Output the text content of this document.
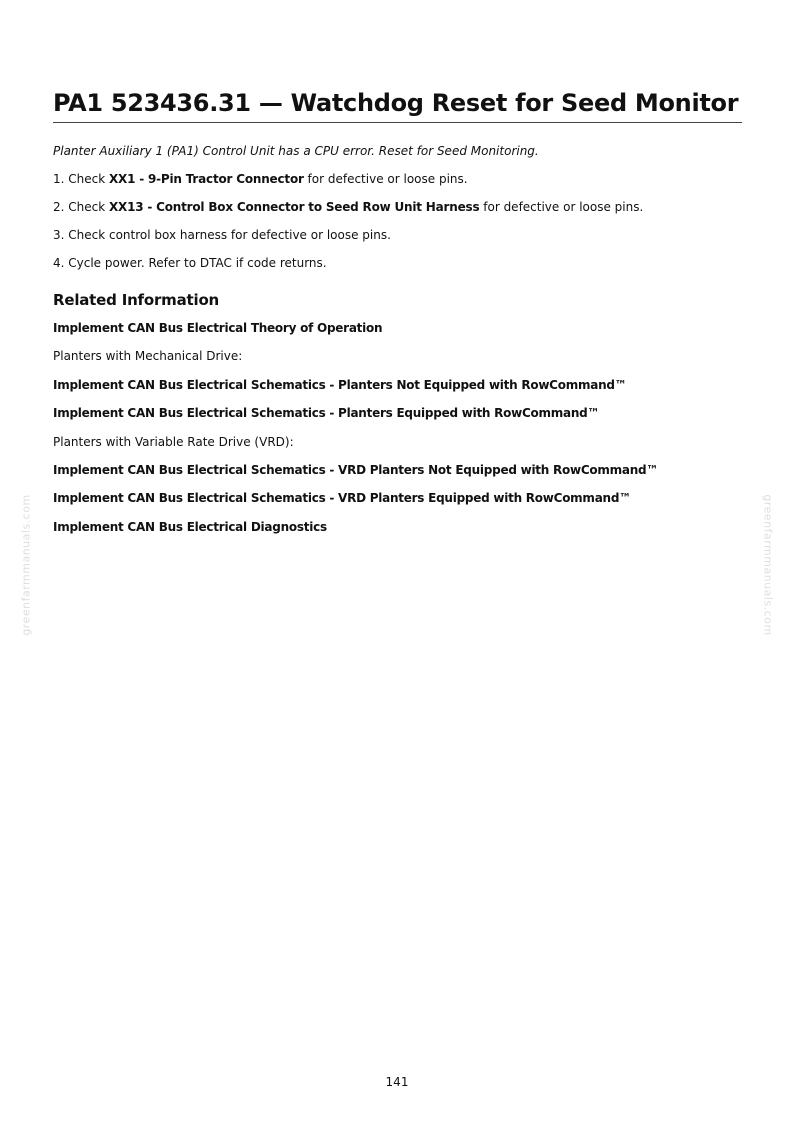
PA1 523436.31 — Watchdog Reset for Seed Monitor

Planter Auxiliary 1 (PA1) Control Unit has a CPU error. Reset for Seed Monitoring.

1. Check XX1 - 9-Pin Tractor Connector for defective or loose pins.
2. Check XX13 - Control Box Connector to Seed Row Unit Harness for defective or loose pins.
3. Check control box harness for defective or loose pins.
4. Cycle power. Refer to DTAC if code returns.
Related Information
Implement CAN Bus Electrical Theory of Operation
Planters with Mechanical Drive:
Implement CAN Bus Electrical Schematics - Planters Not Equipped with RowCommand™
Implement CAN Bus Electrical Schematics - Planters Equipped with RowCommand™
Planters with Variable Rate Drive (VRD):
Implement CAN Bus Electrical Schematics - VRD Planters Not Equipped with RowCommand™
Implement CAN Bus Electrical Schematics - VRD Planters Equipped with RowCommand™
Implement CAN Bus Electrical Diagnostics
greenfarmmanuals.com	greenfarmmanuals.com
141
